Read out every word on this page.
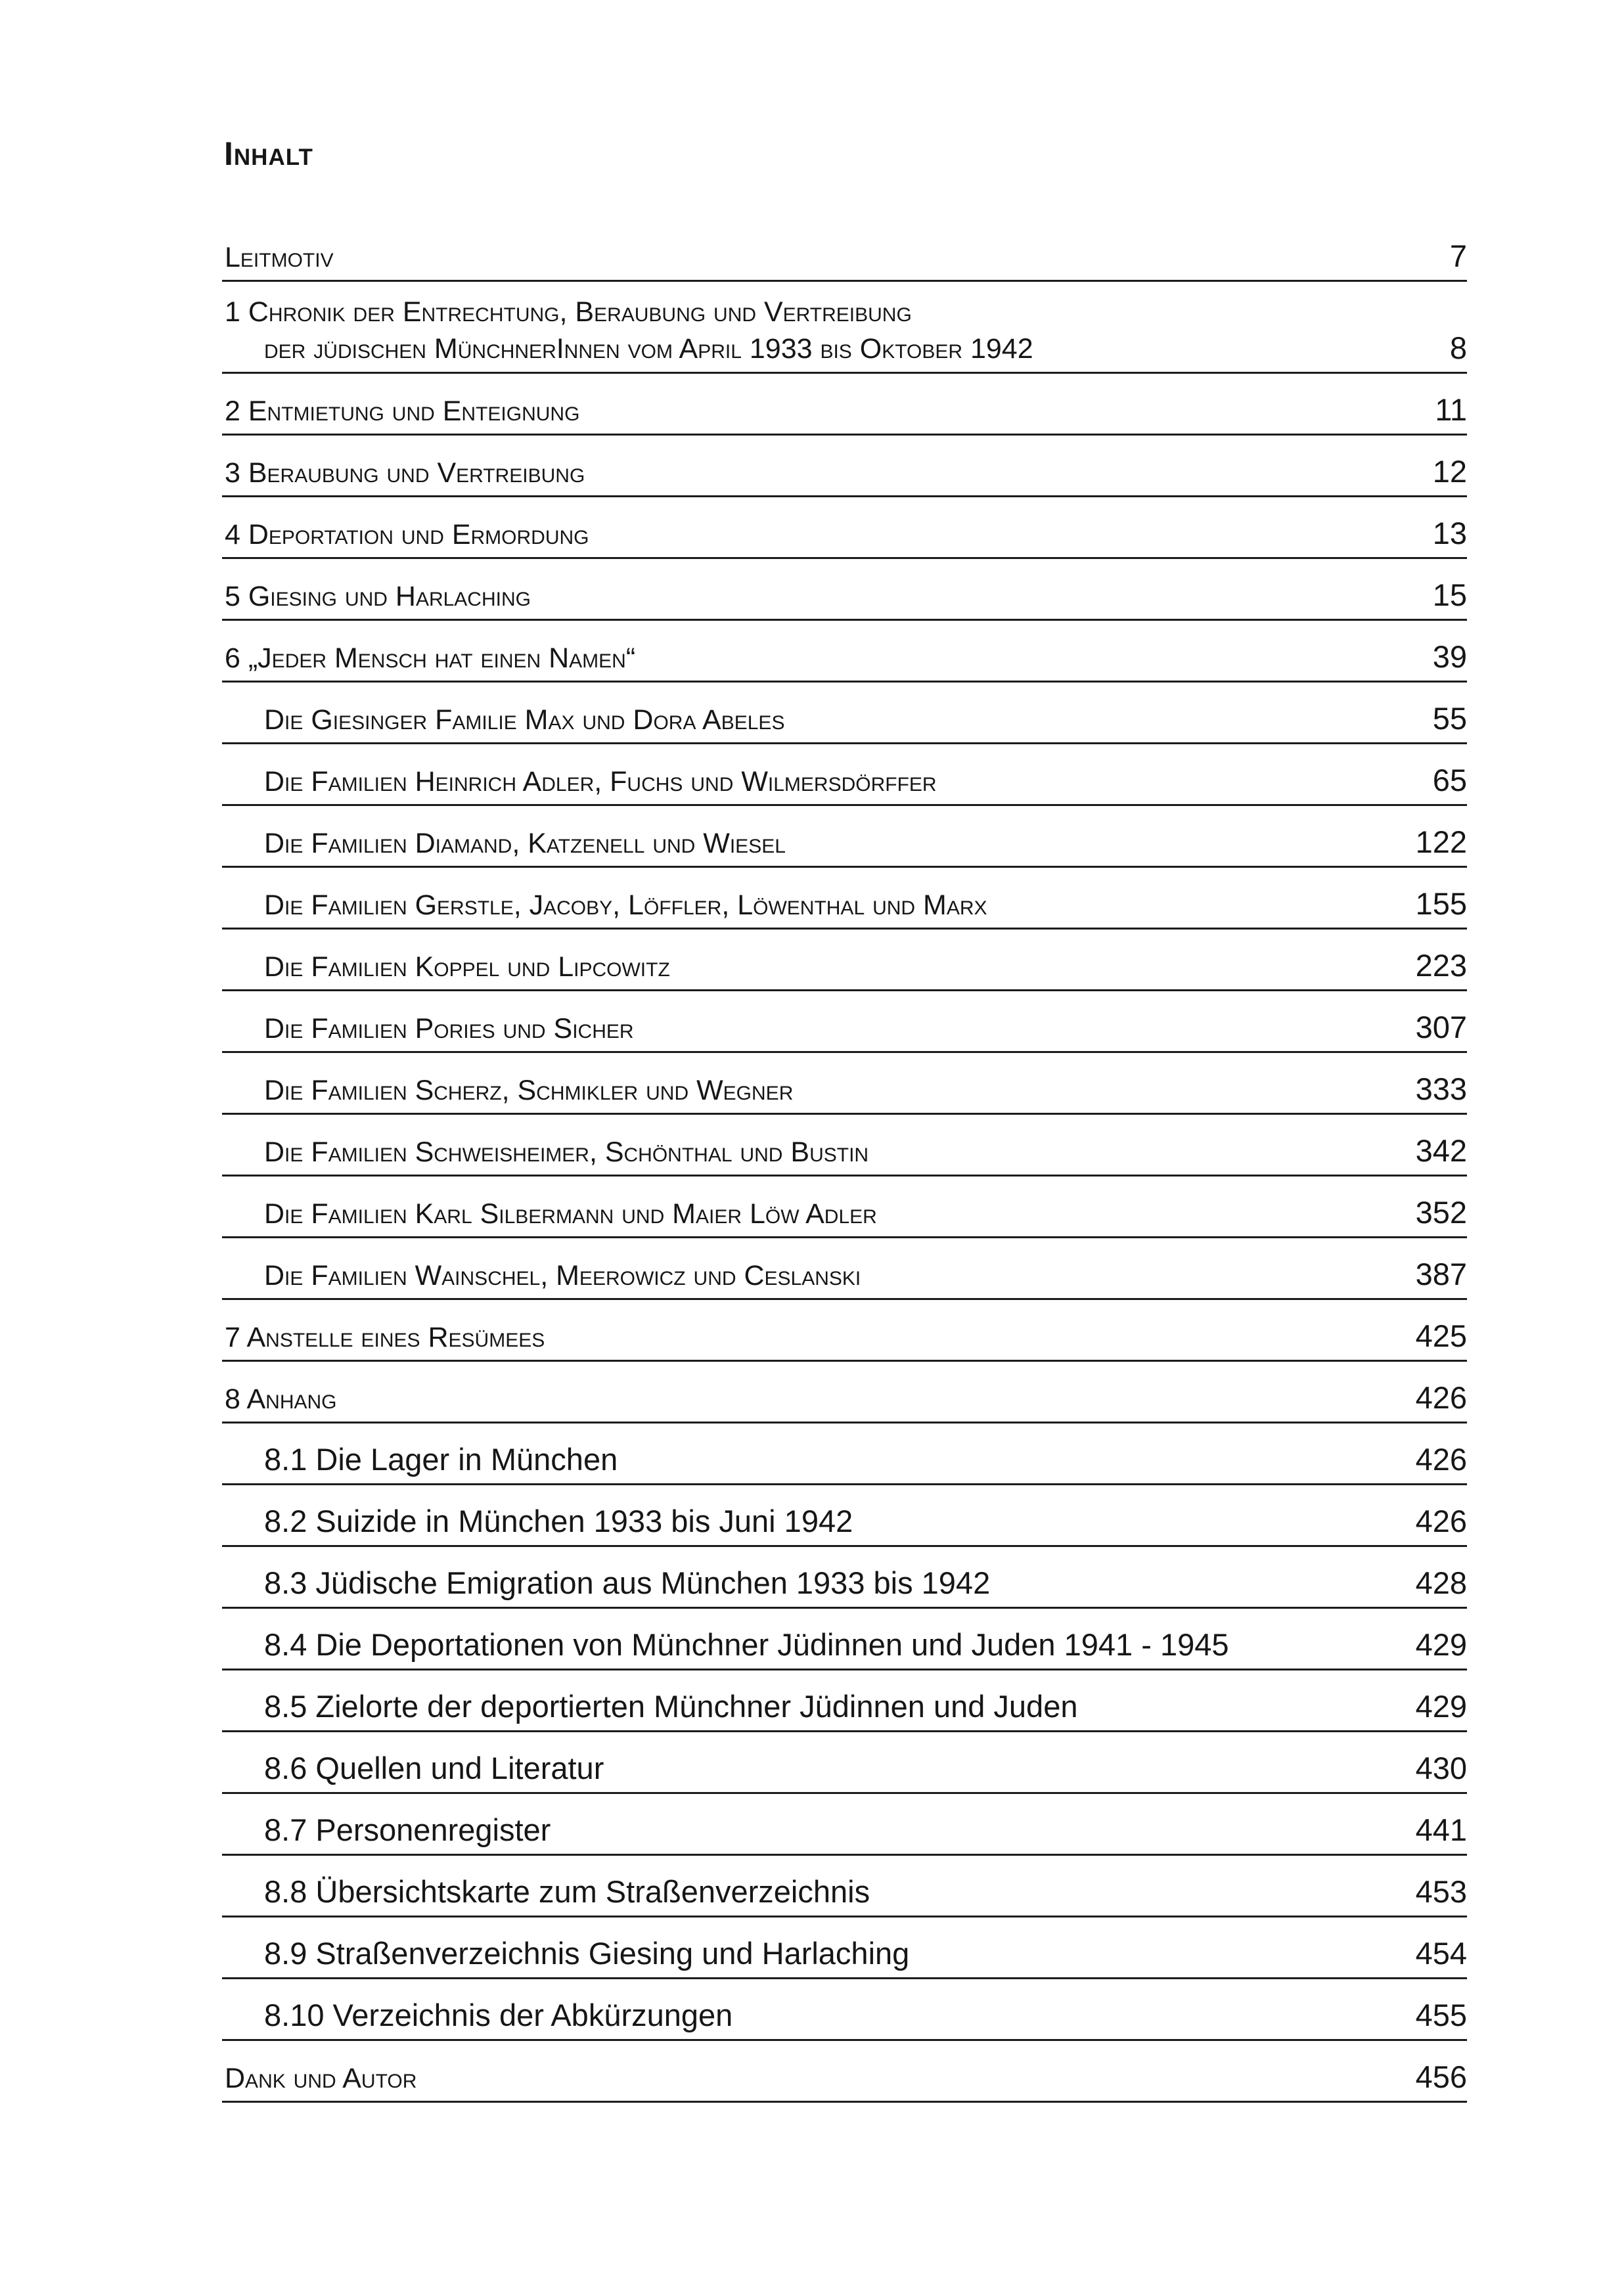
Inhalt
Leitmotiv	7
1 Chronik der Entrechtung, Beraubung und Vertreibung
der jüdischen MünchnerInnen vom April 1933 bis Oktober 1942	8
2 Entmietung und Enteignung	11
3 Beraubung und Vertreibung	12
4 Deportation und Ermordung	13
5 Giesing und Harlaching	15
6 „Jeder Mensch hat einen Namen“	39
Die Giesinger Familie Max und Dora Abeles	55
Die Familien Heinrich Adler, Fuchs und Wilmersdörffer	65
Die Familien Diamand, Katzenell und Wiesel	122
Die Familien Gerstle, Jacoby, Löffler, Löwenthal und Marx	155
Die Familien Koppel und Lipcowitz	223
Die Familien Pories und Sicher	307
Die Familien Scherz, Schmikler und Wegner	333
Die Familien Schweisheimer, Schönthal und Bustin	342
Die Familien Karl Silbermann und Maier Löw Adler	352
Die Familien Wainschel, Meerowicz und Ceslanski	387
7 Anstelle eines Resümees	425
8 Anhang	426
8.1 Die Lager in München	426
8.2 Suizide in München 1933 bis Juni 1942	426
8.3 Jüdische Emigration aus München 1933 bis 1942	428
8.4 Die Deportationen von Münchner Jüdinnen und Juden 1941 - 1945	429
8.5 Zielorte der deportierten Münchner Jüdinnen und Juden	429
8.6 Quellen und Literatur	430
8.7 Personenregister	441
8.8 Übersichtskarte zum Straßenverzeichnis	453
8.9 Straßenverzeichnis Giesing und Harlaching	454
8.10 Verzeichnis der Abkürzungen	455
Dank und Autor	456
